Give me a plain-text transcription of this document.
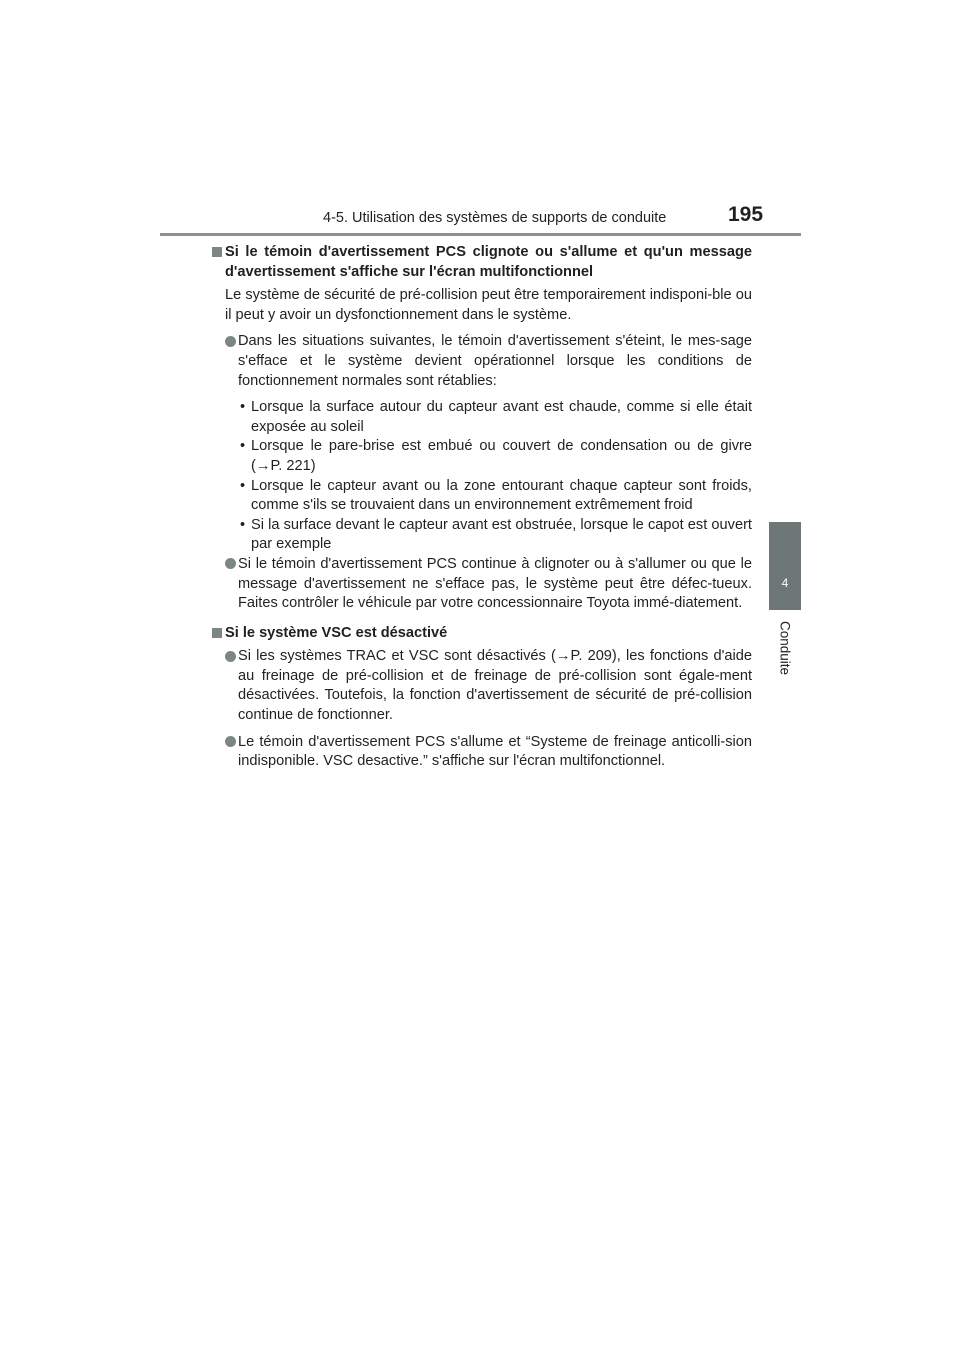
4-5. Utilisation des systèmes de supports de conduite	195
4
Conduite
Si le témoin d'avertissement PCS clignote ou s'allume et qu'un message d'avertissement s'affiche sur l'écran multifonctionnel
Le système de sécurité de pré-collision peut être temporairement indisponi-ble ou il peut y avoir un dysfonctionnement dans le système.
Dans les situations suivantes, le témoin d'avertissement s'éteint, le mes-sage s'efface et le système devient opérationnel lorsque les conditions de fonctionnement normales sont rétablies:
• Lorsque la surface autour du capteur avant est chaude, comme si elle était exposée au soleil
• Lorsque le pare-brise est embué ou couvert de condensation ou de givre (→P. 221)
• Lorsque le capteur avant ou la zone entourant chaque capteur sont froids, comme s'ils se trouvaient dans un environnement extrêmement froid
• Si la surface devant le capteur avant est obstruée, lorsque le capot est ouvert par exemple
Si le témoin d'avertissement PCS continue à clignoter ou à s'allumer ou que le message d'avertissement ne s'efface pas, le système peut être défec-tueux. Faites contrôler le véhicule par votre concessionnaire Toyota immé-diatement.
Si le système VSC est désactivé
Si les systèmes TRAC et VSC sont désactivés (→P. 209), les fonctions d'aide au freinage de pré-collision et de freinage de pré-collision sont égale-ment désactivées. Toutefois, la fonction d'avertissement de sécurité de pré-collision continue de fonctionner.
Le témoin d'avertissement PCS s'allume et “Systeme de freinage anticolli-sion indisponible. VSC desactive.” s'affiche sur l'écran multifonctionnel.
